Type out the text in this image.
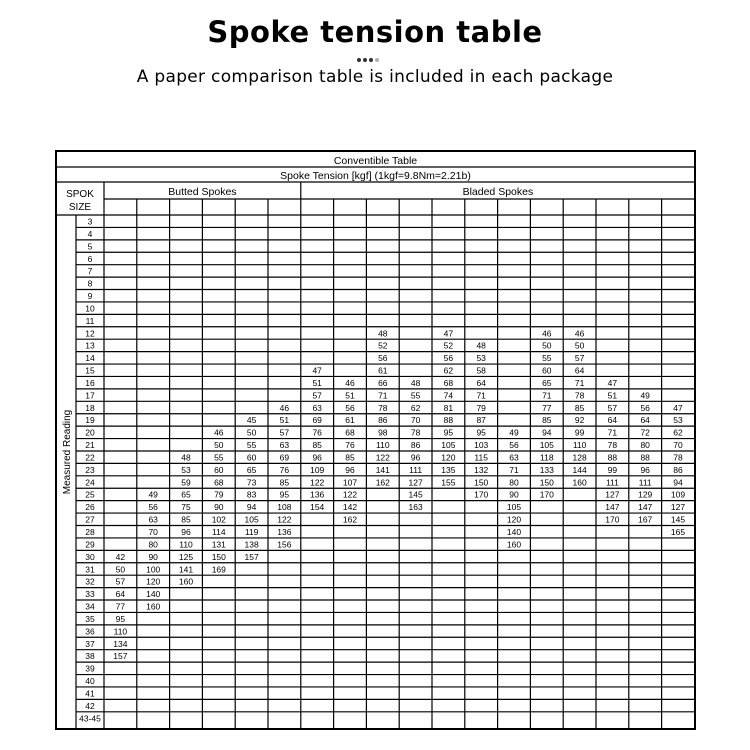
Spoke tension table
A paper comparison table is included in each package
Conventible Table
Spoke Tension [kgf] (1kgf=9.8Nm=2.21b)
Butted Spokes	Bladed Spokes
SPOK
SIZE
Measured Reading
3
4
5
6
7
8
9
10
11
12
13
14
15
16
17
18
19
20
21
22
23
24
25
26
27
28
29
30
31
32
33
34
35
36
37
38
39
40
41
42
43-45
42
50
57
64
77
95
110
134
157
49
56
63
70
80
90
100
120
140
160
48
53
59
65
75
85
96
110
125
141
160
46
50
55
60
68
79
90
102
114
131
150
169
45
50
55
60
65
73
83
94
105
119
138
157
46
51
57
63
69
76
85
95
108
122
136
156
47
51
57
63
69
76
85
96
109
122
136
154
46
51
56
61
68
76
85
96
107
122
142
162
48
52
56
61
66
71
78
86
98
110
122
141
162
48
55
62
70
78
86
96
111
127
145
163
47
52
56
62
68
74
81
88
95
105
120
135
155
48
53
58
64
71
79
87
95
103
115
132
150
170
49
56
63
71
80
90
105
120
140
160
46
50
55
60
65
71
77
85
94
105
118
133
150
170
46
50
57
64
71
78
85
92
99
110
128
144
160
47
51
57
64
71
78
88
99
111
127
147
170
49
56
64
72
80
88
96
111
129
147
167
47
53
62
70
78
86
94
109
127
145
165
